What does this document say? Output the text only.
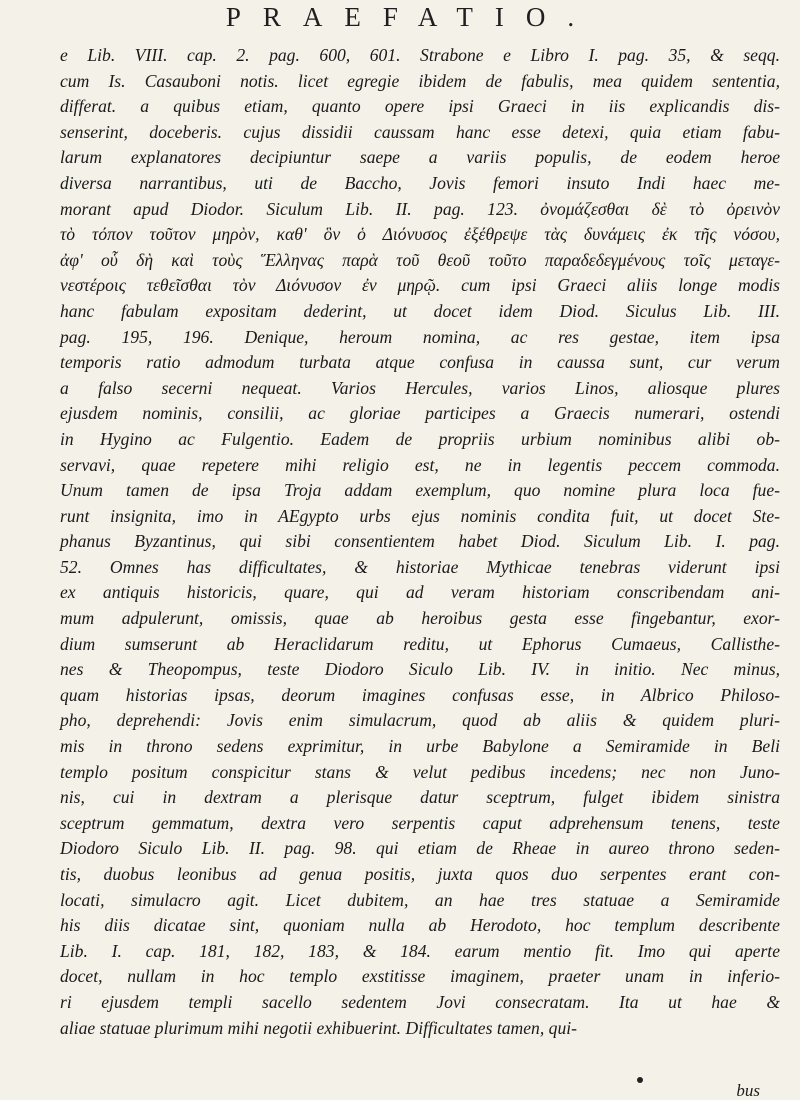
PRAEFATIO.
e Lib. VIII. cap. 2. pag. 600, 601. Strabone e Libro I. pag. 35, & seqq.
cum Is. Casauboni notis. licet egregie ibidem de fabulis, mea quidem sententia,
differat. a quibus etiam, quanto opere ipsi Graeci in iis explicandis dis-
senserint, doceberis. cujus dissidii caussam hanc esse detexi, quia etiam fabu-
larum explanatores decipiuntur saepe a variis populis, de eodem heroe
diversa narrantibus, uti de Baccho, Jovis femori insuto Indi haec me-
morant apud Diodor. Siculum Lib. II. pag. 123. ὀνομάζεσθαι δὲ τὸ ὀρεινὸν
τὸ τόπον τοῦτον μηρὸν, καθ' ὃν ὁ Διόνυσος ἐξέθρεψε τὰς δυνάμεις ἐκ τῆς νόσου,
ἀφ' οὗ δὴ καὶ τοὺς Ἕλληνας παρὰ τοῦ θεοῦ τοῦτο παραδεδεγμένους τοῖς μεταγε-
νεστέροις τεθεῖσθαι τὸν Διόνυσον ἐν μηρῷ. cum ipsi Graeci aliis longe modis
hanc fabulam expositam dederint, ut docet idem Diod. Siculus Lib. III.
pag. 195, 196. Denique, heroum nomina, ac res gestae, item ipsa
temporis ratio admodum turbata atque confusa in caussa sunt, cur verum
a falso secerni nequeat. Varios Hercules, varios Linos, aliosque plures
ejusdem nominis, consilii, ac gloriae participes a Graecis numerari, ostendi
in Hygino ac Fulgentio. Eadem de propriis urbium nominibus alibi ob-
servavi, quae repetere mihi religio est, ne in legentis peccem commoda.
Unum tamen de ipsa Troja addam exemplum, quo nomine plura loca fue-
runt insignita, imo in AEgypto urbs ejus nominis condita fuit, ut docet Ste-
phanus Byzantinus, qui sibi consentientem habet Diod. Siculum Lib. I. pag.
52. Omnes has difficultates, & historiae Mythicae tenebras viderunt ipsi
ex antiquis historicis, quare, qui ad veram historiam conscribendam ani-
mum adpulerunt, omissis, quae ab heroibus gesta esse fingebantur, exor-
dium sumserunt ab Heraclidarum reditu, ut Ephorus Cumaeus, Callisthe-
nes & Theopompus, teste Diodoro Siculo Lib. IV. in initio. Nec minus,
quam historias ipsas, deorum imagines confusas esse, in Albrico Philoso-
pho, deprehendi: Jovis enim simulacrum, quod ab aliis & quidem pluri-
mis in throno sedens exprimitur, in urbe Babylone a Semiramide in Beli
templo positum conspicitur stans & velut pedibus incedens; nec non Juno-
nis, cui in dextram a plerisque datur sceptrum, fulget ibidem sinistra
sceptrum gemmatum, dextra vero serpentis caput adprehensum tenens, teste
Diodoro Siculo Lib. II. pag. 98. qui etiam de Rheae in aureo throno seden-
tis, duobus leonibus ad genua positis, juxta quos duo serpentes erant con-
locati, simulacro agit. Licet dubitem, an hae tres statuae a Semiramide
his diis dicatae sint, quoniam nulla ab Herodoto, hoc templum describente
Lib. I. cap. 181, 182, 183, & 184. earum mentio fit. Imo qui aperte
docet, nullam in hoc templo exstitisse imaginem, praeter unam in inferio-
ri ejusdem templi sacello sedentem Jovi consecratam. Ita ut hae &
aliae statuae plurimum mihi negotii exhibuerint. Difficultates tamen, qui-
bus
